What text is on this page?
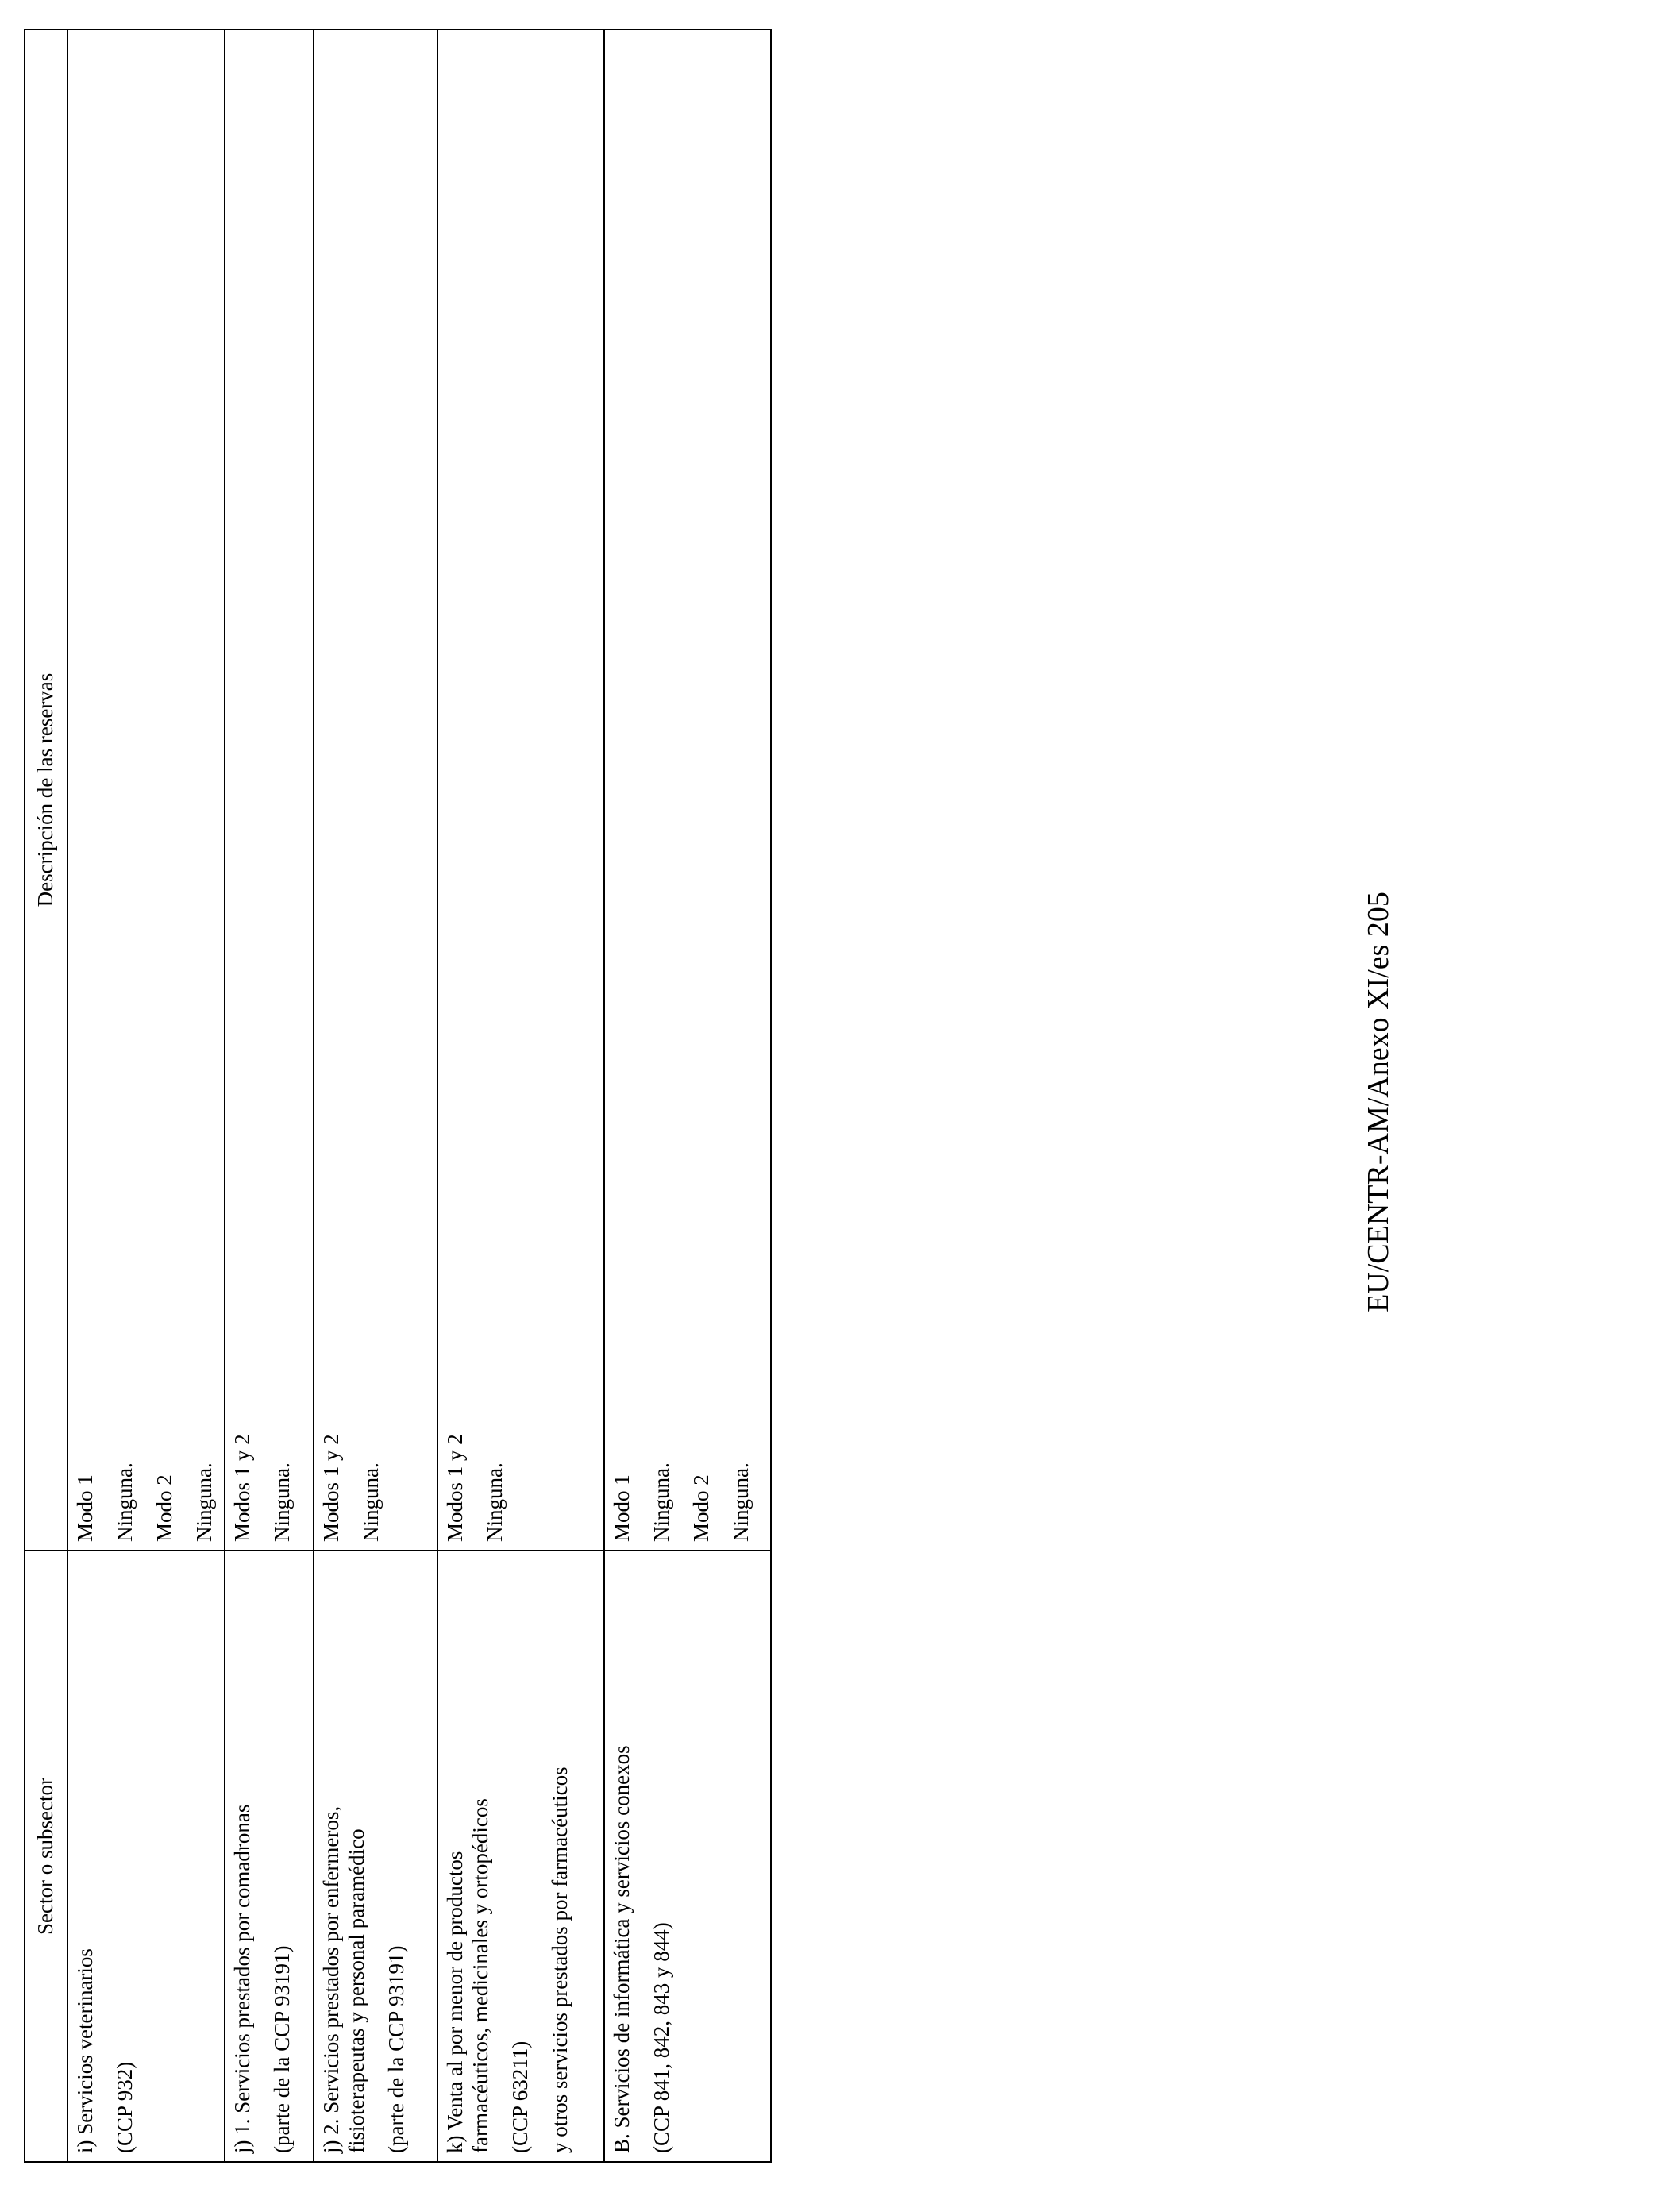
Sector o subsector	Descripción de las reservas

i) Servicios veterinarios (CCP 932)	Modo 1 Ninguna. Modo 2 Ninguna.

j) 1. Servicios prestados por comadronas (parte de la CCP 93191)	Modos 1 y 2 Ninguna.

j) 2. Servicios prestados por enfermeros, fisioterapeutas y personal paramédico (parte de la CCP 93191)	Modos 1 y 2 Ninguna.

k) Venta al por menor de productos farmacéuticos, medicinales y ortopédicos (CCP 63211) y otros servicios prestados por farmacéuticos	Modos 1 y 2 Ninguna.

B. Servicios de informática y servicios conexos (CCP 841, 842, 843 y 844)	Modo 1 Ninguna. Modo 2 Ninguna.
EU/CENTR-AM/Anexo XI/es 205
